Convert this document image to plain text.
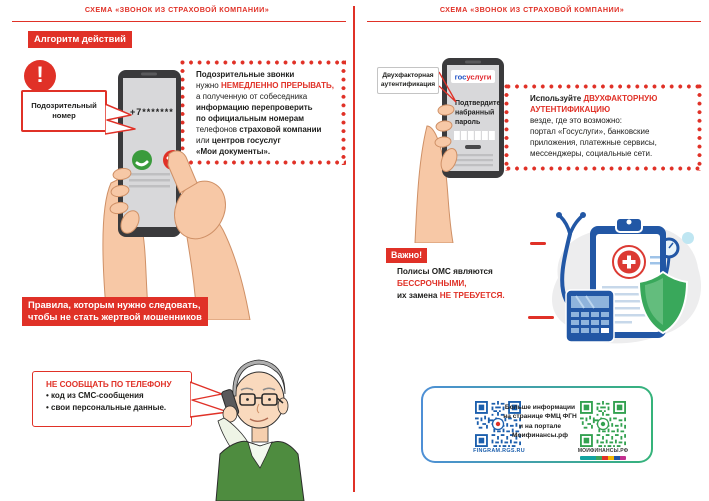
СХЕМА «ЗВОНОК ИЗ СТРАХОВОЙ КОМПАНИИ»	СХЕМА «ЗВОНОК ИЗ СТРАХОВОЙ КОМПАНИИ»
Алгоритм действий
Подозрительные звонки
нужно НЕМЕДЛЕННО ПРЕРЫВАТЬ,
а полученную от собеседника
информацию перепроверить
по официальным номерам
телефонов страховой компании
или центров госуслуг
«Мои документы».
+7*******
!
Подозрительный
номер
Правила, которым нужно следовать,
чтобы не стать жертвой мошенников
НЕ СООБЩАТЬ ПО ТЕЛЕФОНУ
• код из СМС-сообщения
• свои персональные данные.
Используйте ДВУХФАКТОРНУЮ
АУТЕНТИФИКАЦИЮ
везде, где это возможно:
портал «Госуслуги», банковские
приложения, платежные сервисы,
мессенджеры, социальные сети.
госуслуги
Подтвердите
набранный
пароль
Двухфакторная
аутентификация
Важно!
Полисы ОМС являются
БЕССРОЧНЫМИ,
их замена НЕ ТРЕБУЕТСЯ.
FINGRAM.RGS.RU
Больше информации
на странице ФМЦ ФГН
и на портале
Моифинансы.рф
МОИФИНАНСЫ.РФ
